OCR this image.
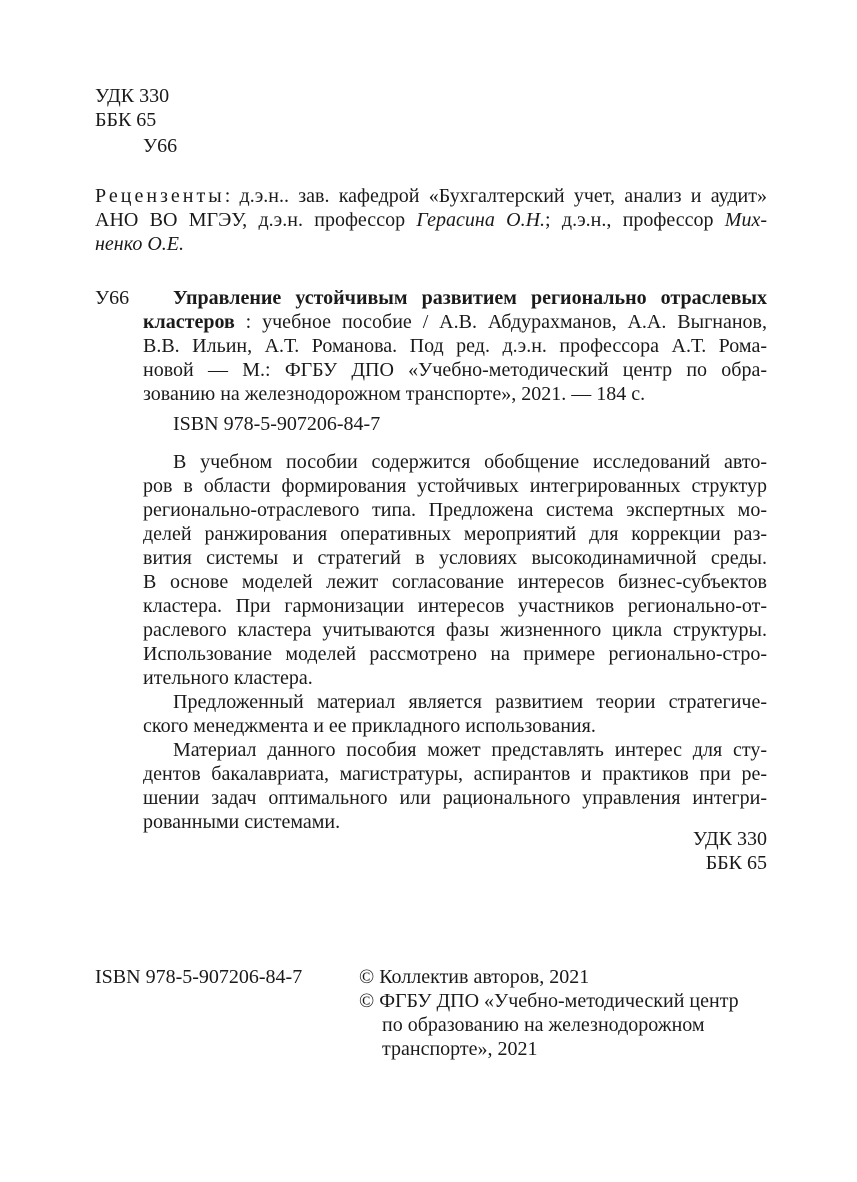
УДК 330
ББК 65
У66

Рецензенты: д.э.н.. зав. кафедрой «Бухгалтерский учет, анализ и аудит»

АНО ВО МГЭУ, д.э.н. профессор Герасина О.Н.; д.э.н., профессор Мих-

ненко О.Е.

У66	Управление устойчивым развитием регионально отраслевых

кластеров : учебное пособие / А.В. Абдурахманов, А.А. Выгнанов,

В.В. Ильин, А.Т. Романова. Под ред. д.э.н. профессора А.Т. Рома-

новой — М.: ФГБУ ДПО «Учебно-методический центр по обра-

зованию на железнодорожном транспорте», 2021. — 184 с.

ISBN 978-5-907206-84-7

В учебном пособии содержится обобщение исследований авто-

ров в области формирования устойчивых интегрированных структур

регионально-отраслевого типа. Предложена система экспертных мо-

делей ранжирования оперативных мероприятий для коррекции раз-

вития системы и стратегий в условиях высокодинамичной среды.

В основе моделей лежит согласование интересов бизнес-субъектов

кластера. При гармонизации интересов участников регионально-от-

раслевого кластера учитываются фазы жизненного цикла структуры.

Использование моделей рассмотрено на примере регионально-стро-

ительного кластера.

Предложенный материал является развитием теории стратегиче-

ского менеджмента и ее прикладного использования.

Материал данного пособия может представлять интерес для сту-

дентов бакалавриата, магистратуры, аспирантов и практиков при ре-

шении задач оптимального или рационального управления интегри-

рованными системами.

УДК 330
ББК 65
ISBN 978-5-907206-84-7	© Коллектив авторов, 2021

© ФГБУ ДПО «Учебно-методический центр

по образованию на железнодорожном

транспорте», 2021
